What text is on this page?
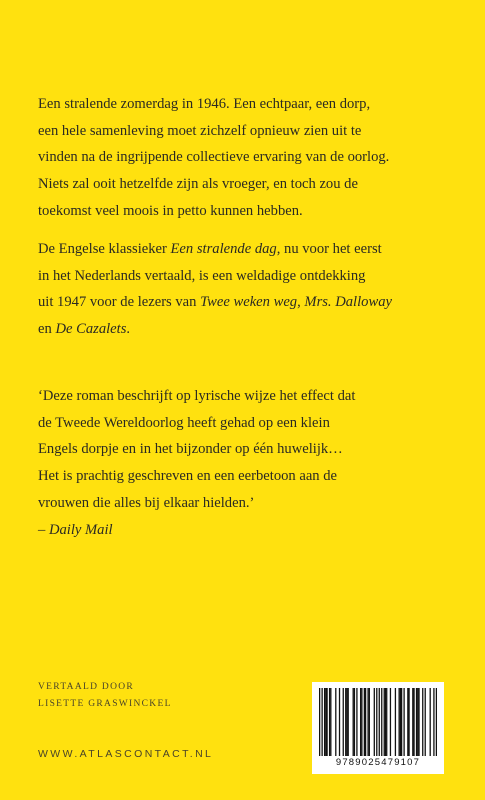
Een stralende zomerdag in 1946. Een echtpaar, een dorp,
een hele samenleving moet zichzelf opnieuw zien uit te
vinden na de ingrijpende collectieve ervaring van de oorlog.
Niets zal ooit hetzelfde zijn als vroeger, en toch zou de
toekomst veel moois in petto kunnen hebben.

De Engelse klassieker Een stralende dag, nu voor het eerst
in het Nederlands vertaald, is een weldadige ontdekking
uit 1947 voor de lezers van Twee weken weg, Mrs. Dalloway
en De Cazalets.

‘Deze roman beschrijft op lyrische wijze het effect dat
de Tweede Wereldoorlog heeft gehad op een klein
Engels dorpje en in het bijzonder op één huwelijk…
Het is prachtig geschreven en een eerbetoon aan de
vrouwen die alles bij elkaar hielden.’
– Daily Mail

VERTAALD DOOR
LISETTE GRASWINCKEL
WWW.ATLASCONTACT.NL
9789025479107
